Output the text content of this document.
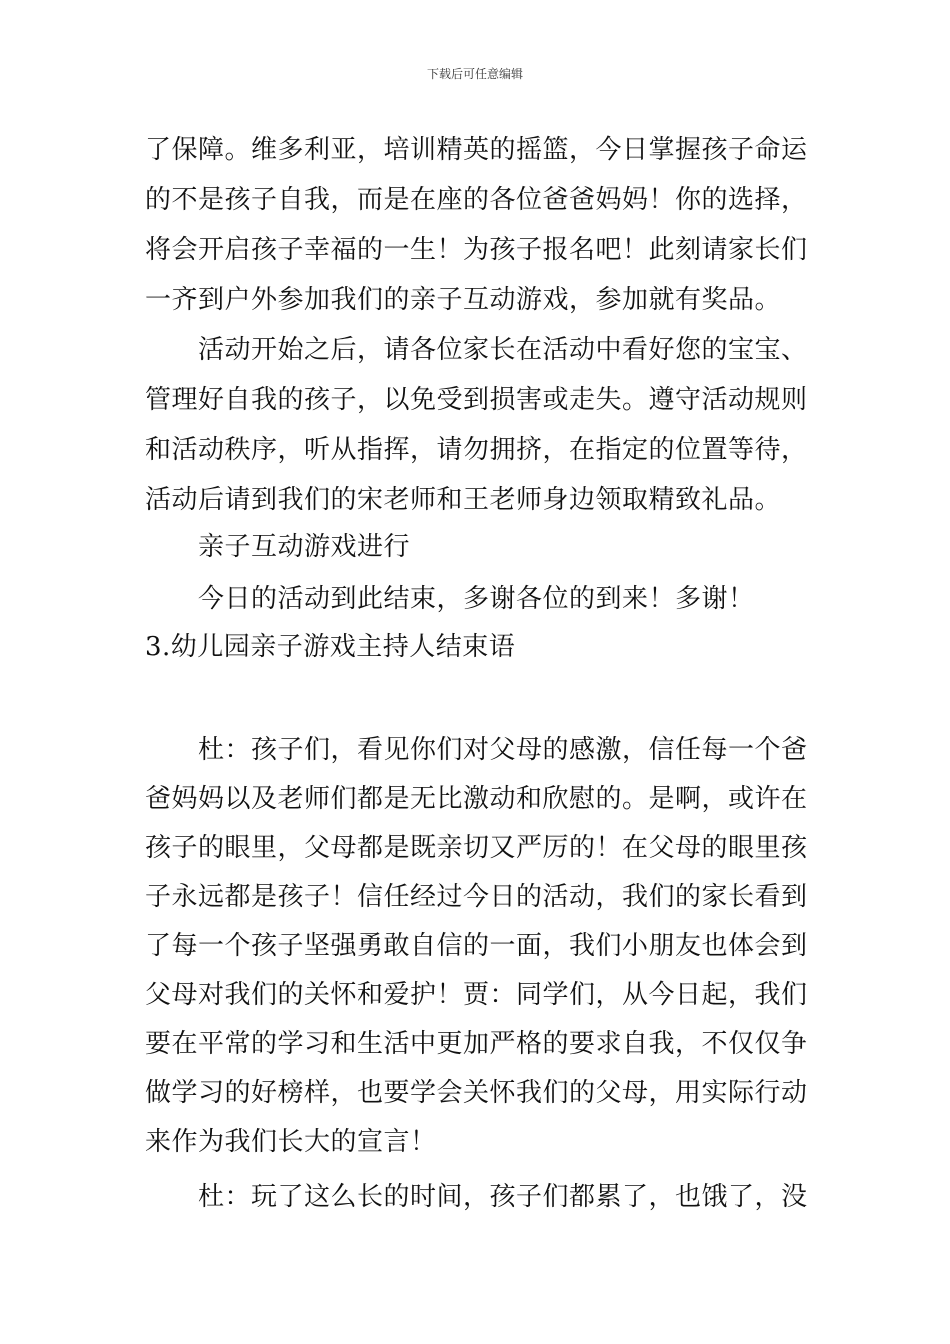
下载后可任意编辑
了保障。维多利亚，培训精英的摇篮，今日掌握孩子命运
的不是孩子自我，而是在座的各位爸爸妈妈！你的选择，
将会开启孩子幸福的一生！为孩子报名吧！此刻请家长们
一齐到户外参加我们的亲子互动游戏，参加就有奖品。
活动开始之后，请各位家长在活动中看好您的宝宝、
管理好自我的孩子，以免受到损害或走失。遵守活动规则
和活动秩序，听从指挥，请勿拥挤，在指定的位置等待，
活动后请到我们的宋老师和王老师身边领取精致礼品。
亲子互动游戏进行
今日的活动到此结束，多谢各位的到来！多谢！
3.幼儿园亲子游戏主持人结束语
杜：孩子们，看见你们对父母的感激，信任每一个爸
爸妈妈以及老师们都是无比激动和欣慰的。是啊，或许在
孩子的眼里，父母都是既亲切又严厉的！在父母的眼里孩
子永远都是孩子！信任经过今日的活动，我们的家长看到
了每一个孩子坚强勇敢自信的一面，我们小朋友也体会到
父母对我们的关怀和爱护！贾：同学们，从今日起，我们
要在平常的学习和生活中更加严格的要求自我，不仅仅争
做学习的好榜样，也要学会关怀我们的父母，用实际行动
来作为我们长大的宣言！
杜：玩了这么长的时间，孩子们都累了，也饿了，没
